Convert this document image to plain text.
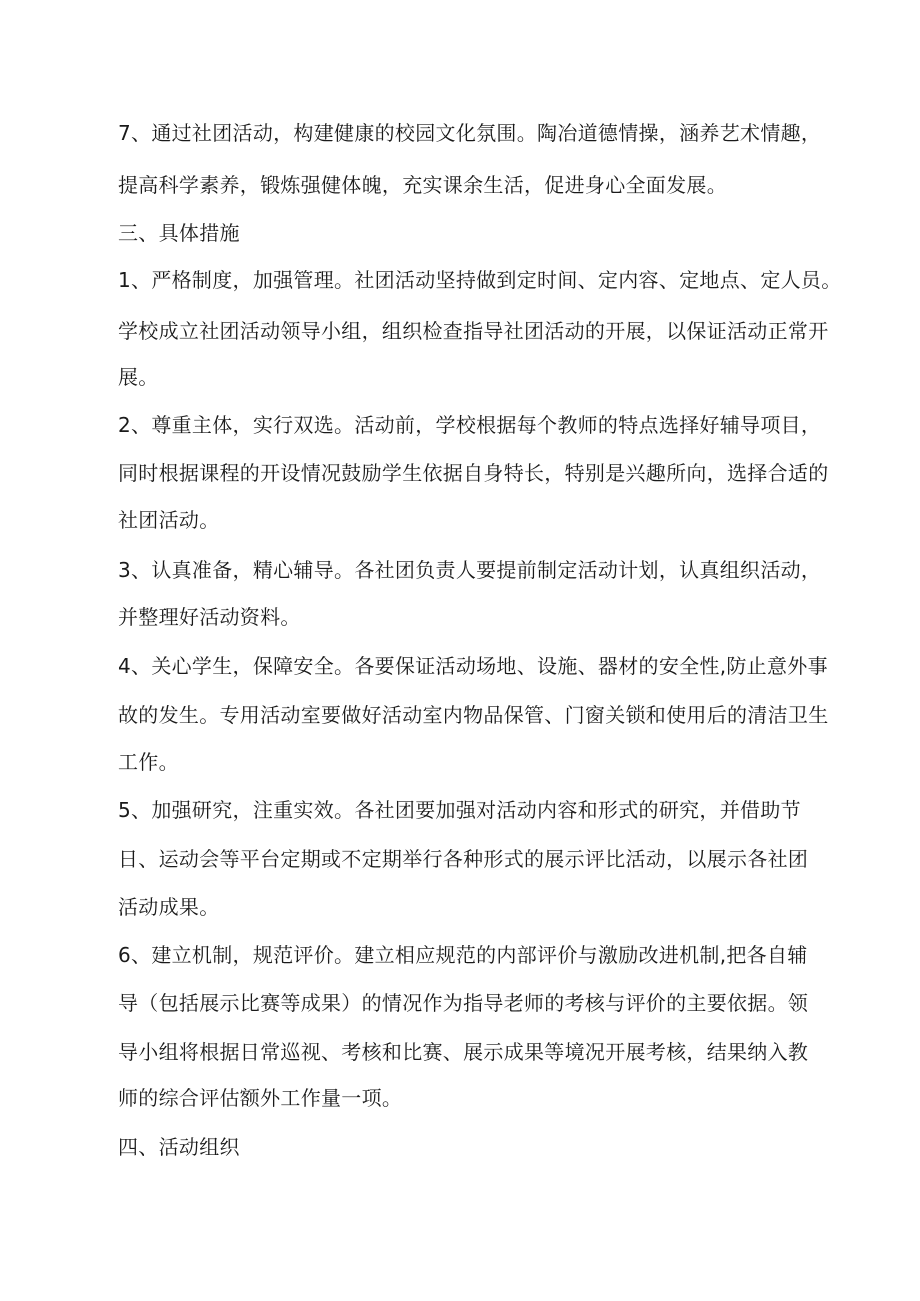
7、通过社团活动，构建健康的校园文化氛围。陶冶道德情操，涵养艺术情趣，
提高科学素养，锻炼强健体魄，充实课余生活，促进身心全面发展。
三、具体措施
1、严格制度，加强管理。社团活动坚持做到定时间、定内容、定地点、定人员。
学校成立社团活动领导小组，组织检查指导社团活动的开展，以保证活动正常开
展。
2、尊重主体，实行双选。活动前，学校根据每个教师的特点选择好辅导项目，
同时根据课程的开设情况鼓励学生依据自身特长，特别是兴趣所向，选择合适的
社团活动。
3、认真准备，精心辅导。各社团负责人要提前制定活动计划，认真组织活动，
并整理好活动资料。
4、关心学生，保障安全。各要保证活动场地、设施、器材的安全性,防止意外事
故的发生。专用活动室要做好活动室内物品保管、门窗关锁和使用后的清洁卫生
工作。
5、加强研究，注重实效。各社团要加强对活动内容和形式的研究，并借助节
日、运动会等平台定期或不定期举行各种形式的展示评比活动，以展示各社团
活动成果。
6、建立机制，规范评价。建立相应规范的内部评价与激励改进机制,把各自辅
导（包括展示比赛等成果）的情况作为指导老师的考核与评价的主要依据。领
导小组将根据日常巡视、考核和比赛、展示成果等境况开展考核，结果纳入教
师的综合评估额外工作量一项。
四、活动组织
